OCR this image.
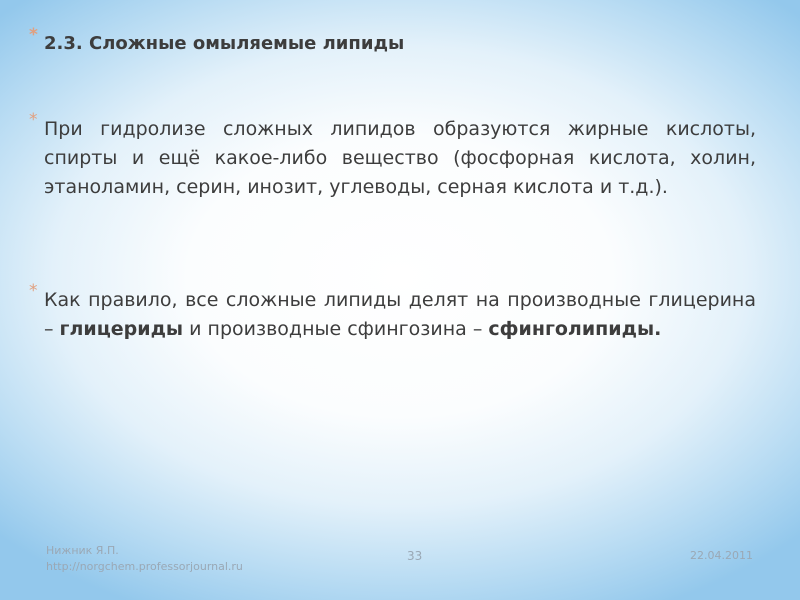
* 2.3. Сложные омыляемые липиды

* При гидролизе сложных липидов образуются жирные кислоты, спирты и ещё какое-либо вещество (фосфорная кислота, холин, этаноламин, серин, инозит, углеводы, серная кислота и т.д.).

* Как правило, все сложные липиды делят на производные глицерина – глицериды и производные сфингозина – сфинголипиды.

Нижник Я.П.
http://norgchem.professorjournal.ru
33	22.04.2011
